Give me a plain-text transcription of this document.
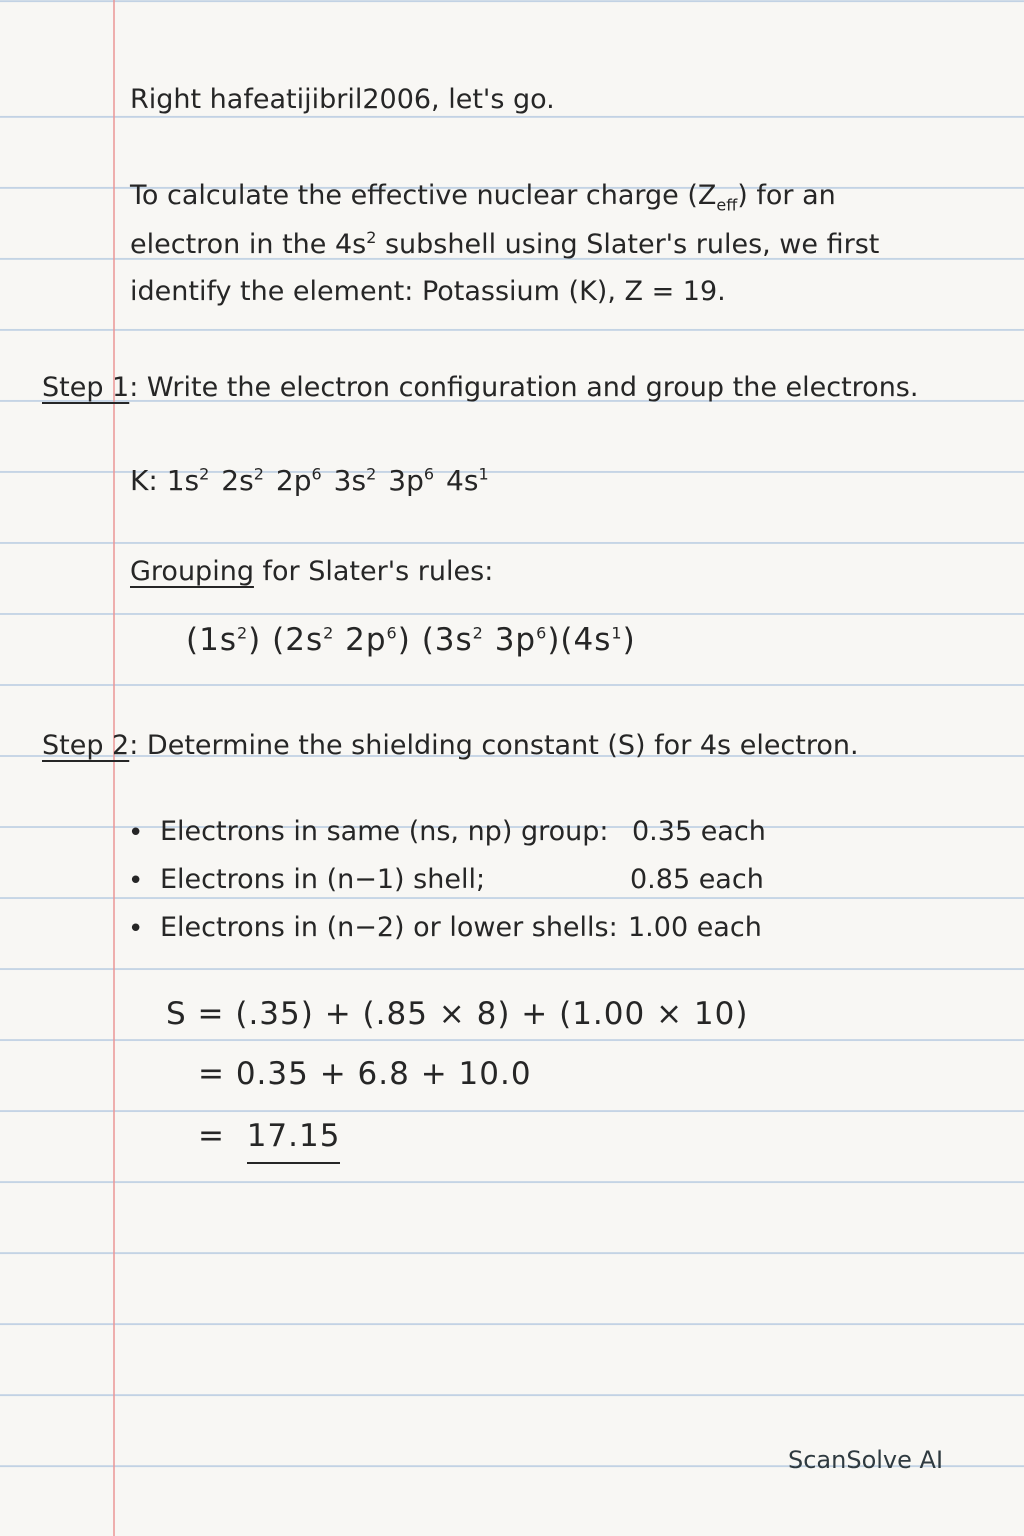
Right hafeatijibril2006, let's go.
To calculate the effective nuclear charge $(Z_{eff})$ for an
electron in the $4s^2$ subshell using Slater's rules, we first
identify the element: Potassium (K), Z = 19.
Step 1: Write the electron configuration and group the electrons.
K: $1s^2$ $2s^2$ $2p^6$ $3s^2$ $3p^6$ $4s^1$
Grouping for Slater's rules:
$(1s^2)$ ($2s^2$ $2p^6$) ($3s^2$ $3p^6)(4s^1)$
Step 2: Determine the shielding constant (S) for 4s electron.
• Electrons in same (ns, np) group: 0.35 each
• Electrons in (n−1) shell;	0.85 each
• Electrons in (n−2) or lower shells: 1.00 each
S = (.35) + (.85 × 8) + (1.00 × 10)
= 0.35 + 6.8 + 10.0
= 17.15
ScanSolve AI
